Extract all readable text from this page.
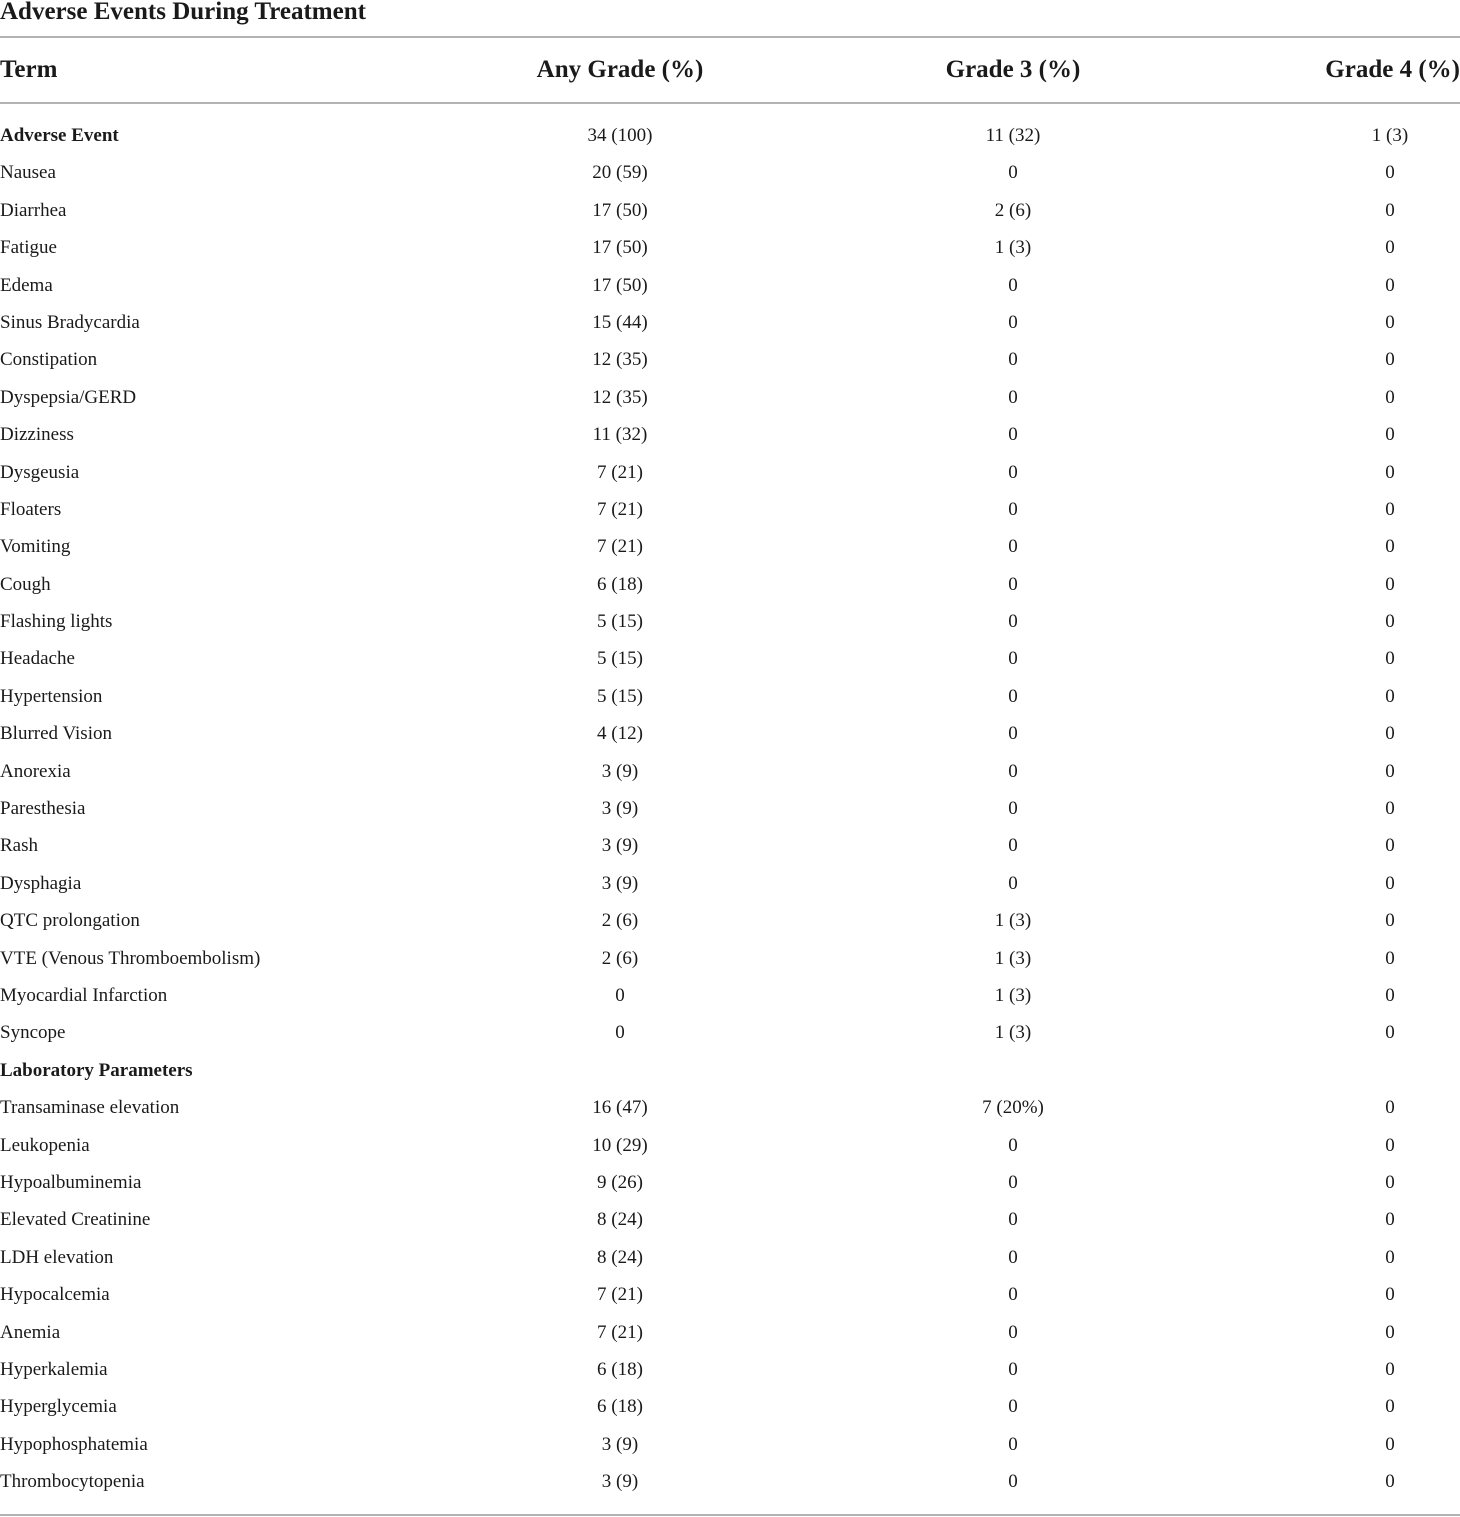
Adverse Events During Treatment
Term	Any Grade (%)	Grade 3 (%)	Grade 4 (%)
Adverse Event	34 (100)	11 (32)	1 (3)
Nausea	20 (59)	0	0
Diarrhea	17 (50)	2 (6)	0
Fatigue	17 (50)	1 (3)	0
Edema	17 (50)	0	0
Sinus Bradycardia	15 (44)	0	0
Constipation	12 (35)	0	0
Dyspepsia/GERD	12 (35)	0	0
Dizziness	11 (32)	0	0
Dysgeusia	7 (21)	0	0
Floaters	7 (21)	0	0
Vomiting	7 (21)	0	0
Cough	6 (18)	0	0
Flashing lights	5 (15)	0	0
Headache	5 (15)	0	0
Hypertension	5 (15)	0	0
Blurred Vision	4 (12)	0	0
Anorexia	3 (9)	0	0
Paresthesia	3 (9)	0	0
Rash	3 (9)	0	0
Dysphagia	3 (9)	0	0
QTC prolongation	2 (6)	1 (3)	0
VTE (Venous Thromboembolism)	2 (6)	1 (3)	0
Myocardial Infarction	0	1 (3)	0
Syncope	0	1 (3)	0
Laboratory Parameters
Transaminase elevation	16 (47)	7 (20%)	0
Leukopenia	10 (29)	0	0
Hypoalbuminemia	9 (26)	0	0
Elevated Creatinine	8 (24)	0	0
LDH elevation	8 (24)	0	0
Hypocalcemia	7 (21)	0	0
Anemia	7 (21)	0	0
Hyperkalemia	6 (18)	0	0
Hyperglycemia	6 (18)	0	0
Hypophosphatemia	3 (9)	0	0
Thrombocytopenia	3 (9)	0	0
